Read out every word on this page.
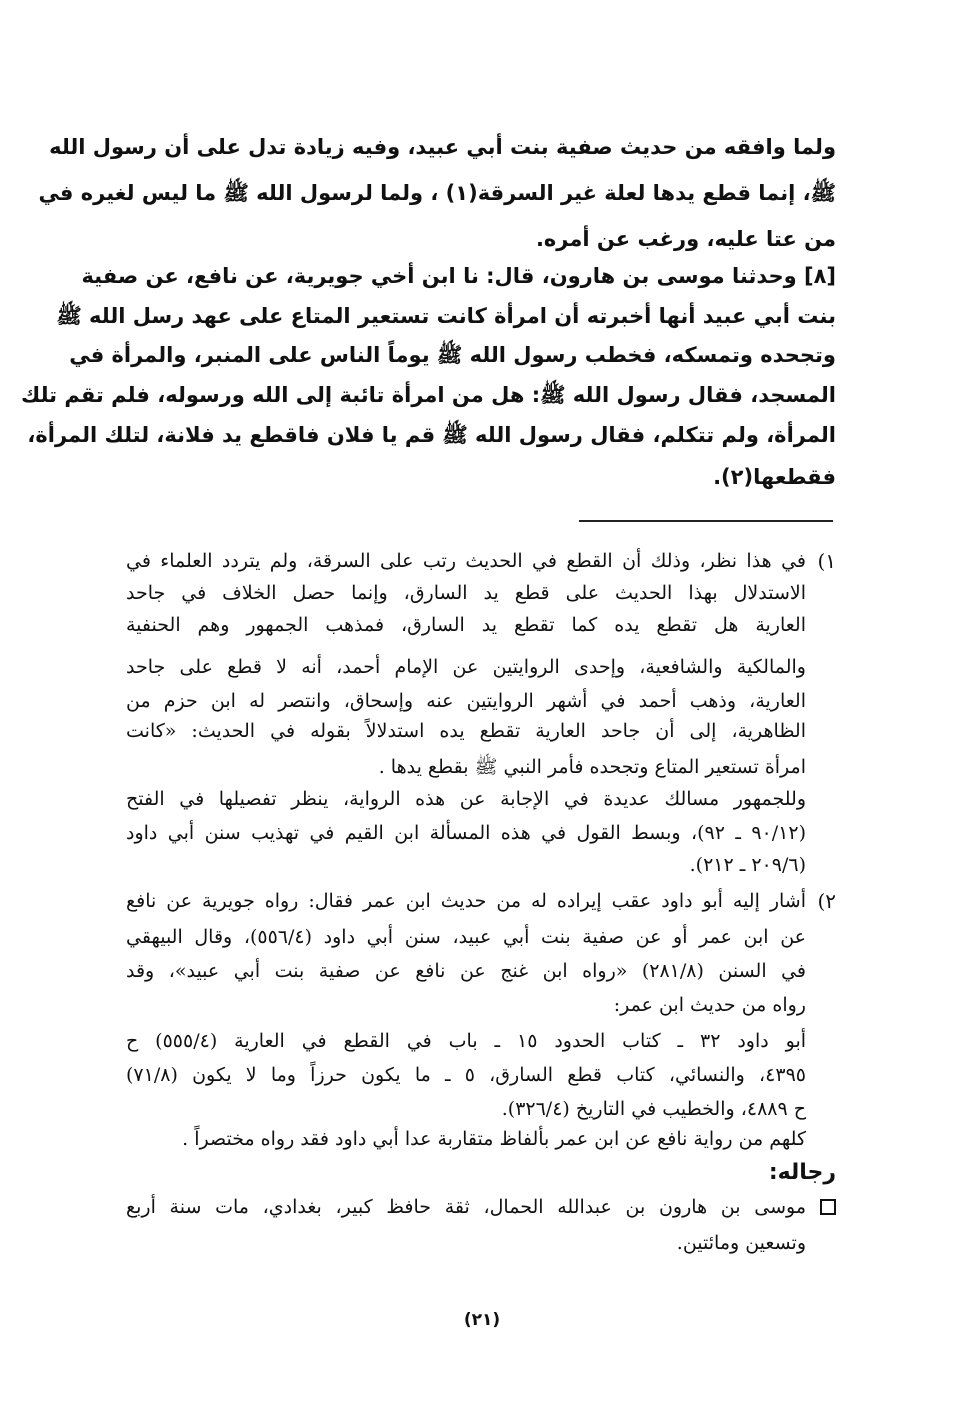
ولما وافقه من حديث صفية بنت أبي عبيد، وفيه زيادة تدل على أن رسول الله
ﷺ، إنما قطع يدها لعلة غير السرقة(١) ، ولما لرسول الله ﷺ ما ليس لغيره في
من عتا عليه، ورغب عن أمره.
[٨] وحدثنا موسى بن هارون، قال: نا ابن أخي جويرية، عن نافع، عن صفية
بنت أبي عبيد أنها أخبرته أن امرأة كانت تستعير المتاع على عهد رسل الله ﷺ
وتجحده وتمسكه، فخطب رسول الله ﷺ يوماً الناس على المنبر، والمرأة في
المسجد، فقال رسول الله ﷺ: هل من امرأة تائبة إلى الله ورسوله، فلم تقم تلك
المرأة، ولم تتكلم، فقال رسول الله ﷺ قم يا فلان فاقطع يد فلانة، لتلك المرأة،
فقطعها(٢).
١)
في هذا نظر، وذلك أن القطع في الحديث رتب على السرقة، ولم يتردد العلماء في
الاستدلال بهذا الحديث على قطع يد السارق، وإنما حصل الخلاف في جاحد
العارية هل تقطع يده كما تقطع يد السارق، فمذهب الجمهور وهم الحنفية
والمالكية والشافعية، وإحدى الروايتين عن الإمام أحمد، أنه لا قطع على جاحد
العارية، وذهب أحمد في أشهر الروايتين عنه وإسحاق، وانتصر له ابن حزم من
الظاهرية، إلى أن جاحد العارية تقطع يده استدلالاً بقوله في الحديث: «كانت
امرأة تستعير المتاع وتجحده فأمر النبي ﷺ بقطع يدها .
وللجمهور مسالك عديدة في الإجابة عن هذه الرواية، ينظر تفصيلها في الفتح
(٩٠/١٢ ـ ٩٢)، وبسط القول في هذه المسألة ابن القيم في تهذيب سنن أبي داود
(٢٠٩/٦ ـ ٢١٢).
٢)
أشار إليه أبو داود عقب إيراده له من حديث ابن عمر فقال: رواه جويرية عن نافع
عن ابن عمر أو عن صفية بنت أبي عبيد، سنن أبي داود (٥٥٦/٤)، وقال البيهقي
في السنن (٢٨١/٨) «رواه ابن غنج عن نافع عن صفية بنت أبي عبيد»، وقد
رواه من حديث ابن عمر:
أبو داود ٣٢ ـ كتاب الحدود ١٥ ـ باب في القطع في العارية (٥٥٥/٤) ح
٤٣٩٥، والنسائي، كتاب قطع السارق، ٥ ـ ما يكون حرزاً وما لا يكون (٧١/٨)
ح ٤٨٨٩، والخطيب في التاريخ (٣٢٦/٤).
كلهم من رواية نافع عن ابن عمر بألفاظ متقاربة عدا أبي داود فقد رواه مختصراً .
رجاله:
موسى بن هارون بن عبدالله الحمال، ثقة حافظ كبير، بغدادي، مات سنة أربع
وتسعين ومائتين.
(٢١)
